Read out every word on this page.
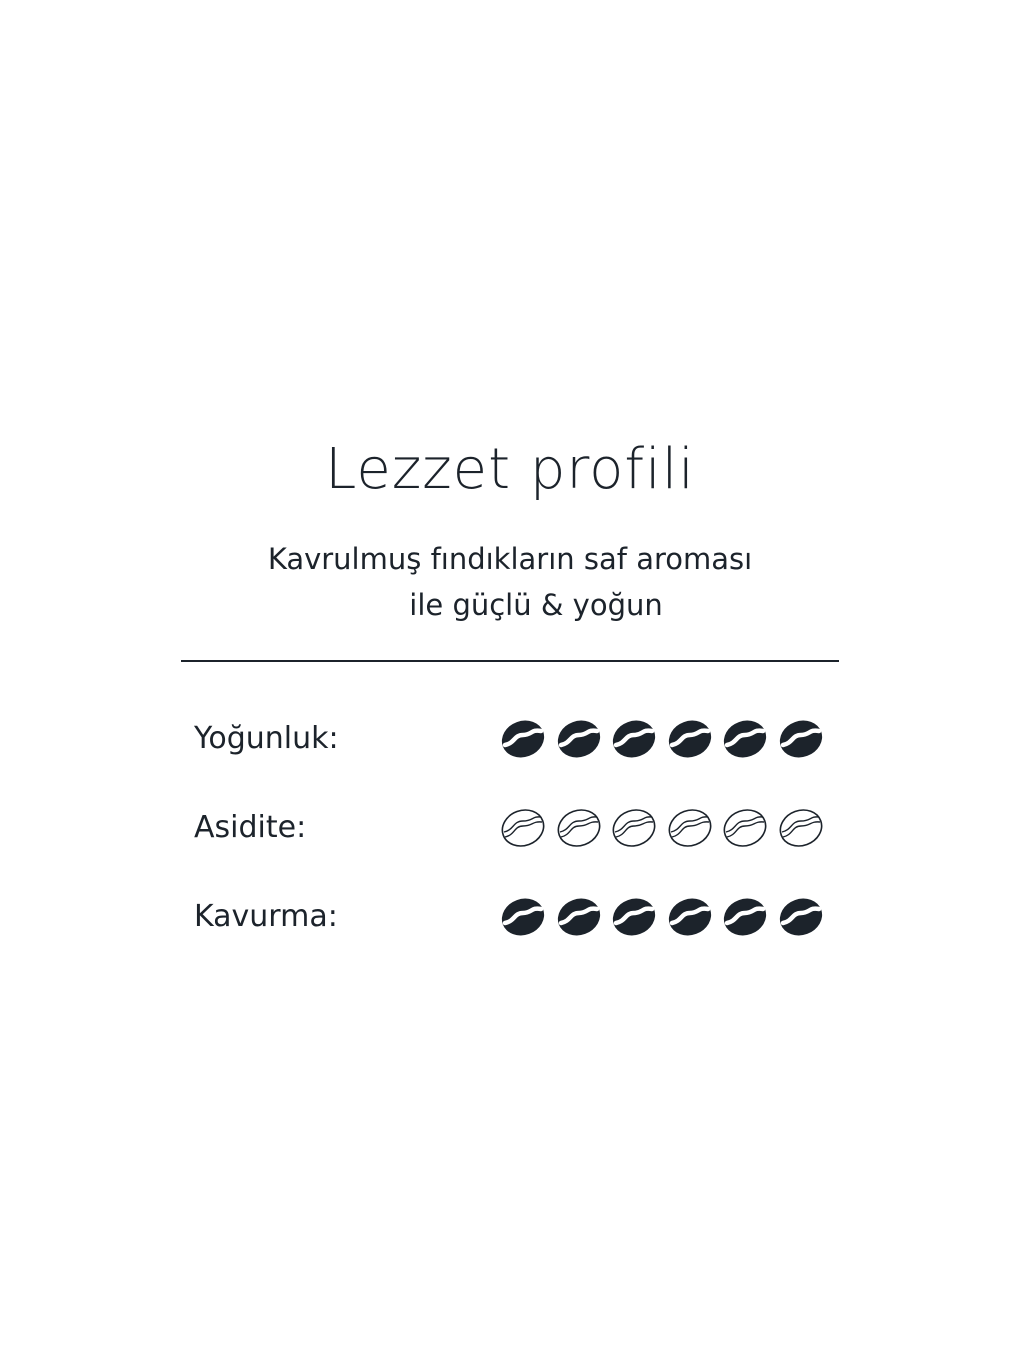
Lezzet profili
Kavrulmuş fındıkların saf aroması
ile güçlü & yoğun
Yoğunluk:
Asidite:
Kavurma:
